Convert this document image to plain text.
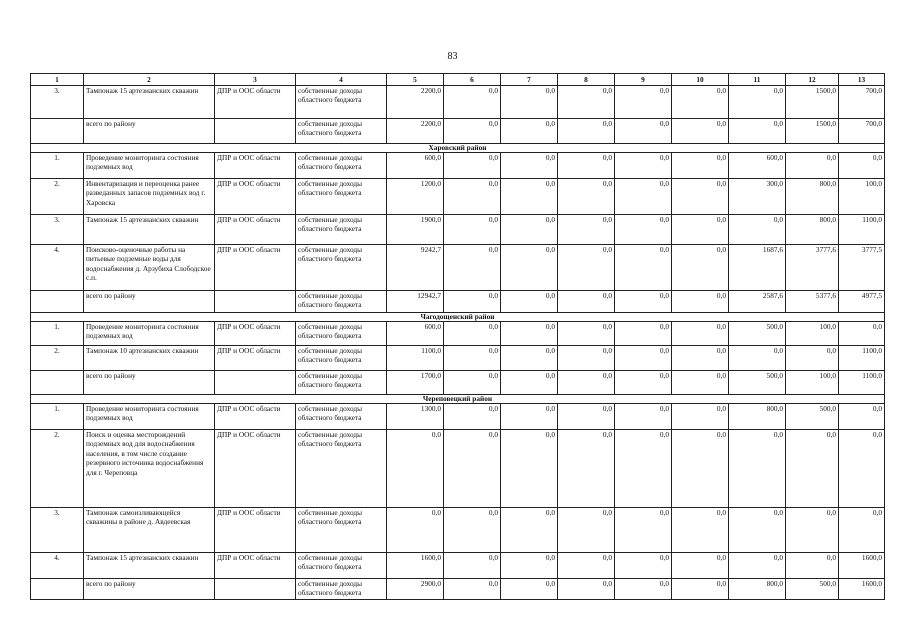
83
1	2	3	4	5	6	7	8	9	10	11	12	13
3.	Тампонаж 15 артезианских скважин	ДПР и ООС области	собственные доходы областного бюджета	2200,0	0,0	0,0	0,0	0,0	0,0	0,0	1500,0	700,0
	всего по району		собственные доходы областного бюджета	2200,0	0,0	0,0	0,0	0,0	0,0	0,0	1500,0	700,0
Харовский район												
1.	Проведение мониторинга состояния подземных вод	ДПР и ООС области	собственные доходы областного бюджета	600,0	0,0	0,0	0,0	0,0	0,0	600,0	0,0	0,0
2.	Инвентаризация и переоценка ранее разведанных запасов подземных вод г. Харовска	ДПР и ООС области	собственные доходы областного бюджета	1200,0	0,0	0,0	0,0	0,0	0,0	300,0	800,0	100,0
3.	Тампонаж 15 артезианских скважин	ДПР и ООС области	собственные доходы областного бюджета	1900,0	0,0	0,0	0,0	0,0	0,0	0,0	800,0	1100,0
4.	Поисково-оценочные работы на питьевые подземные воды для водоснабжения д. Арзубиха Слободское с.п.	ДПР и ООС области	собственные доходы областного бюджета	9242,7	0,0	0,0	0,0	0,0	0,0	1687,6	3777,6	3777,5
	всего по району		собственные доходы областного бюджета	12942,7	0,0	0,0	0,0	0,0	0,0	2587,6	5377,6	4977,5
Чагодощенский район												
1.	Проведение мониторинга состояния подземных вод	ДПР и ООС области	собственные доходы областного бюджета	600,0	0,0	0,0	0,0	0,0	0,0	500,0	100,0	0,0
2.	Тампонаж 10 артезианских скважин	ДПР и ООС области	собственные доходы областного бюджета	1100,0	0,0	0,0	0,0	0,0	0,0	0,0	0,0	1100,0
	всего по району		собственные доходы областного бюджета	1700,0	0,0	0,0	0,0	0,0	0,0	500,0	100,0	1100,0
Череповецкий район												
1.	Проведение мониторинга состояния подземных вод	ДПР и ООС области	собственные доходы областного бюджета	1300,0	0,0	0,0	0,0	0,0	0,0	800,0	500,0	0,0
2.	Поиск и оценка месторождений подземных вод для водоснабжения населения, в том числе создание резервного источника водоснабжения для г. Череповца	ДПР и ООС области	собственные доходы областного бюджета	0,0	0,0	0,0	0,0	0,0	0,0	0,0	0,0	0,0
3.	Тампонаж самоизливающейся скважины в районе д. Авдеевская	ДПР и ООС области	собственные доходы областного бюджета	0,0	0,0	0,0	0,0	0,0	0,0	0,0	0,0	0,0
4.	Тампонаж 15 артезианских скважин	ДПР и ООС области	собственные доходы областного бюджета	1600,0	0,0	0,0	0,0	0,0	0,0	0,0	0,0	1600,0
	всего по району		собственные доходы областного бюджета	2900,0	0,0	0,0	0,0	0,0	0,0	800,0	500,0	1600,0
